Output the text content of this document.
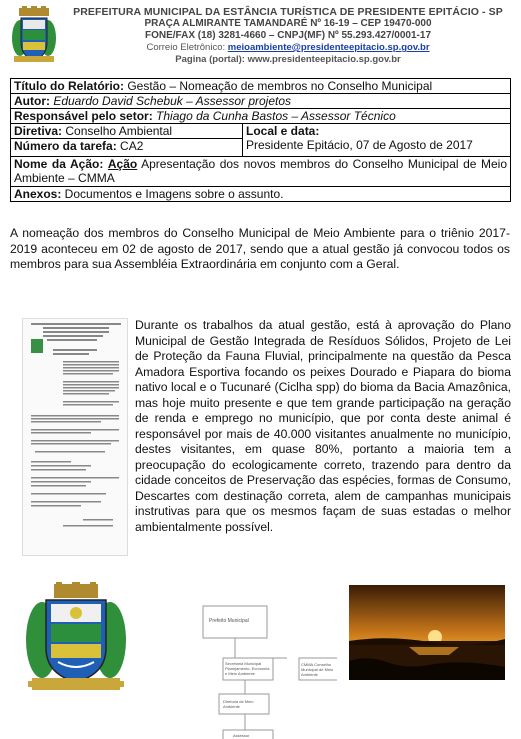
PREFEITURA MUNICIPAL DA ESTÂNCIA TURÍSTICA DE PRESIDENTE EPITÁCIO - SP
PRAÇA ALMIRANTE TAMANDARÉ Nº 16-19 – CEP 19470-000
FONE/FAX (18) 3281-4660 – CNPJ(MF) Nº 55.293.427/0001-17
Correio Eletrônico: meioambiente@presidenteepitacio.sp.gov.br
Pagina (portal): www.presidenteepitacio.sp.gov.br
Título do Relatório: Gestão – Nomeação de membros no Conselho Municipal
Autor: Eduardo David Schebuk – Assessor projetos
Responsável pelo setor: Thiago da Cunha Bastos – Assessor Técnico
Diretiva: Conselho Ambiental	Local e data:
Presidente Epitácio, 07 de Agosto de 2017

Número da tarefa: CA2
Nome da Ação: Ação Apresentação dos novos membros do Conselho Municipal de Meio Ambiente – CMMA
Anexos: Documentos e Imagens sobre o assunto.
A nomeação dos membros do Conselho Municipal de Meio Ambiente para o triênio 2017-2019 aconteceu em 02 de agosto de 2017, sendo que a atual gestão já convocou todos os membros para sua Assembléia Extraordinária em conjunto com a Geral.
Durante os trabalhos da atual gestão, está à aprovação do Plano Municipal de Gestão Integrada de Resíduos Sólidos, Projeto de Lei de Proteção da Fauna Fluvial, principalmente na questão da Pesca Amadora Esportiva focando os peixes Dourado e Piapara do bioma nativo local e o Tucunaré (Ciclha spp) do bioma da Bacia Amazônica, mas hoje muito presente e que tem grande participação na geração de renda e emprego no município, que por conta deste animal é responsável por mais de 40.000 visitantes anualmente no município, destes visitantes, em quase 80%, portanto a maioria tem a preocupação do ecologicamente correto, trazendo para dentro da cidade conceitos de Preservação das espécies, formas de Consumo, Descartes com destinação correta, alem de campanhas municipais instrutivas para que os mesmos façam de suas estadas o melhor ambientalmente possível.
Prefeito Municipal
Secretaria Municipal Planejamento, Economia e Meio Ambiente
CMMA Conselho Municipal de Meio Ambiente
Diretoria de Meio Ambiente
Assessor
